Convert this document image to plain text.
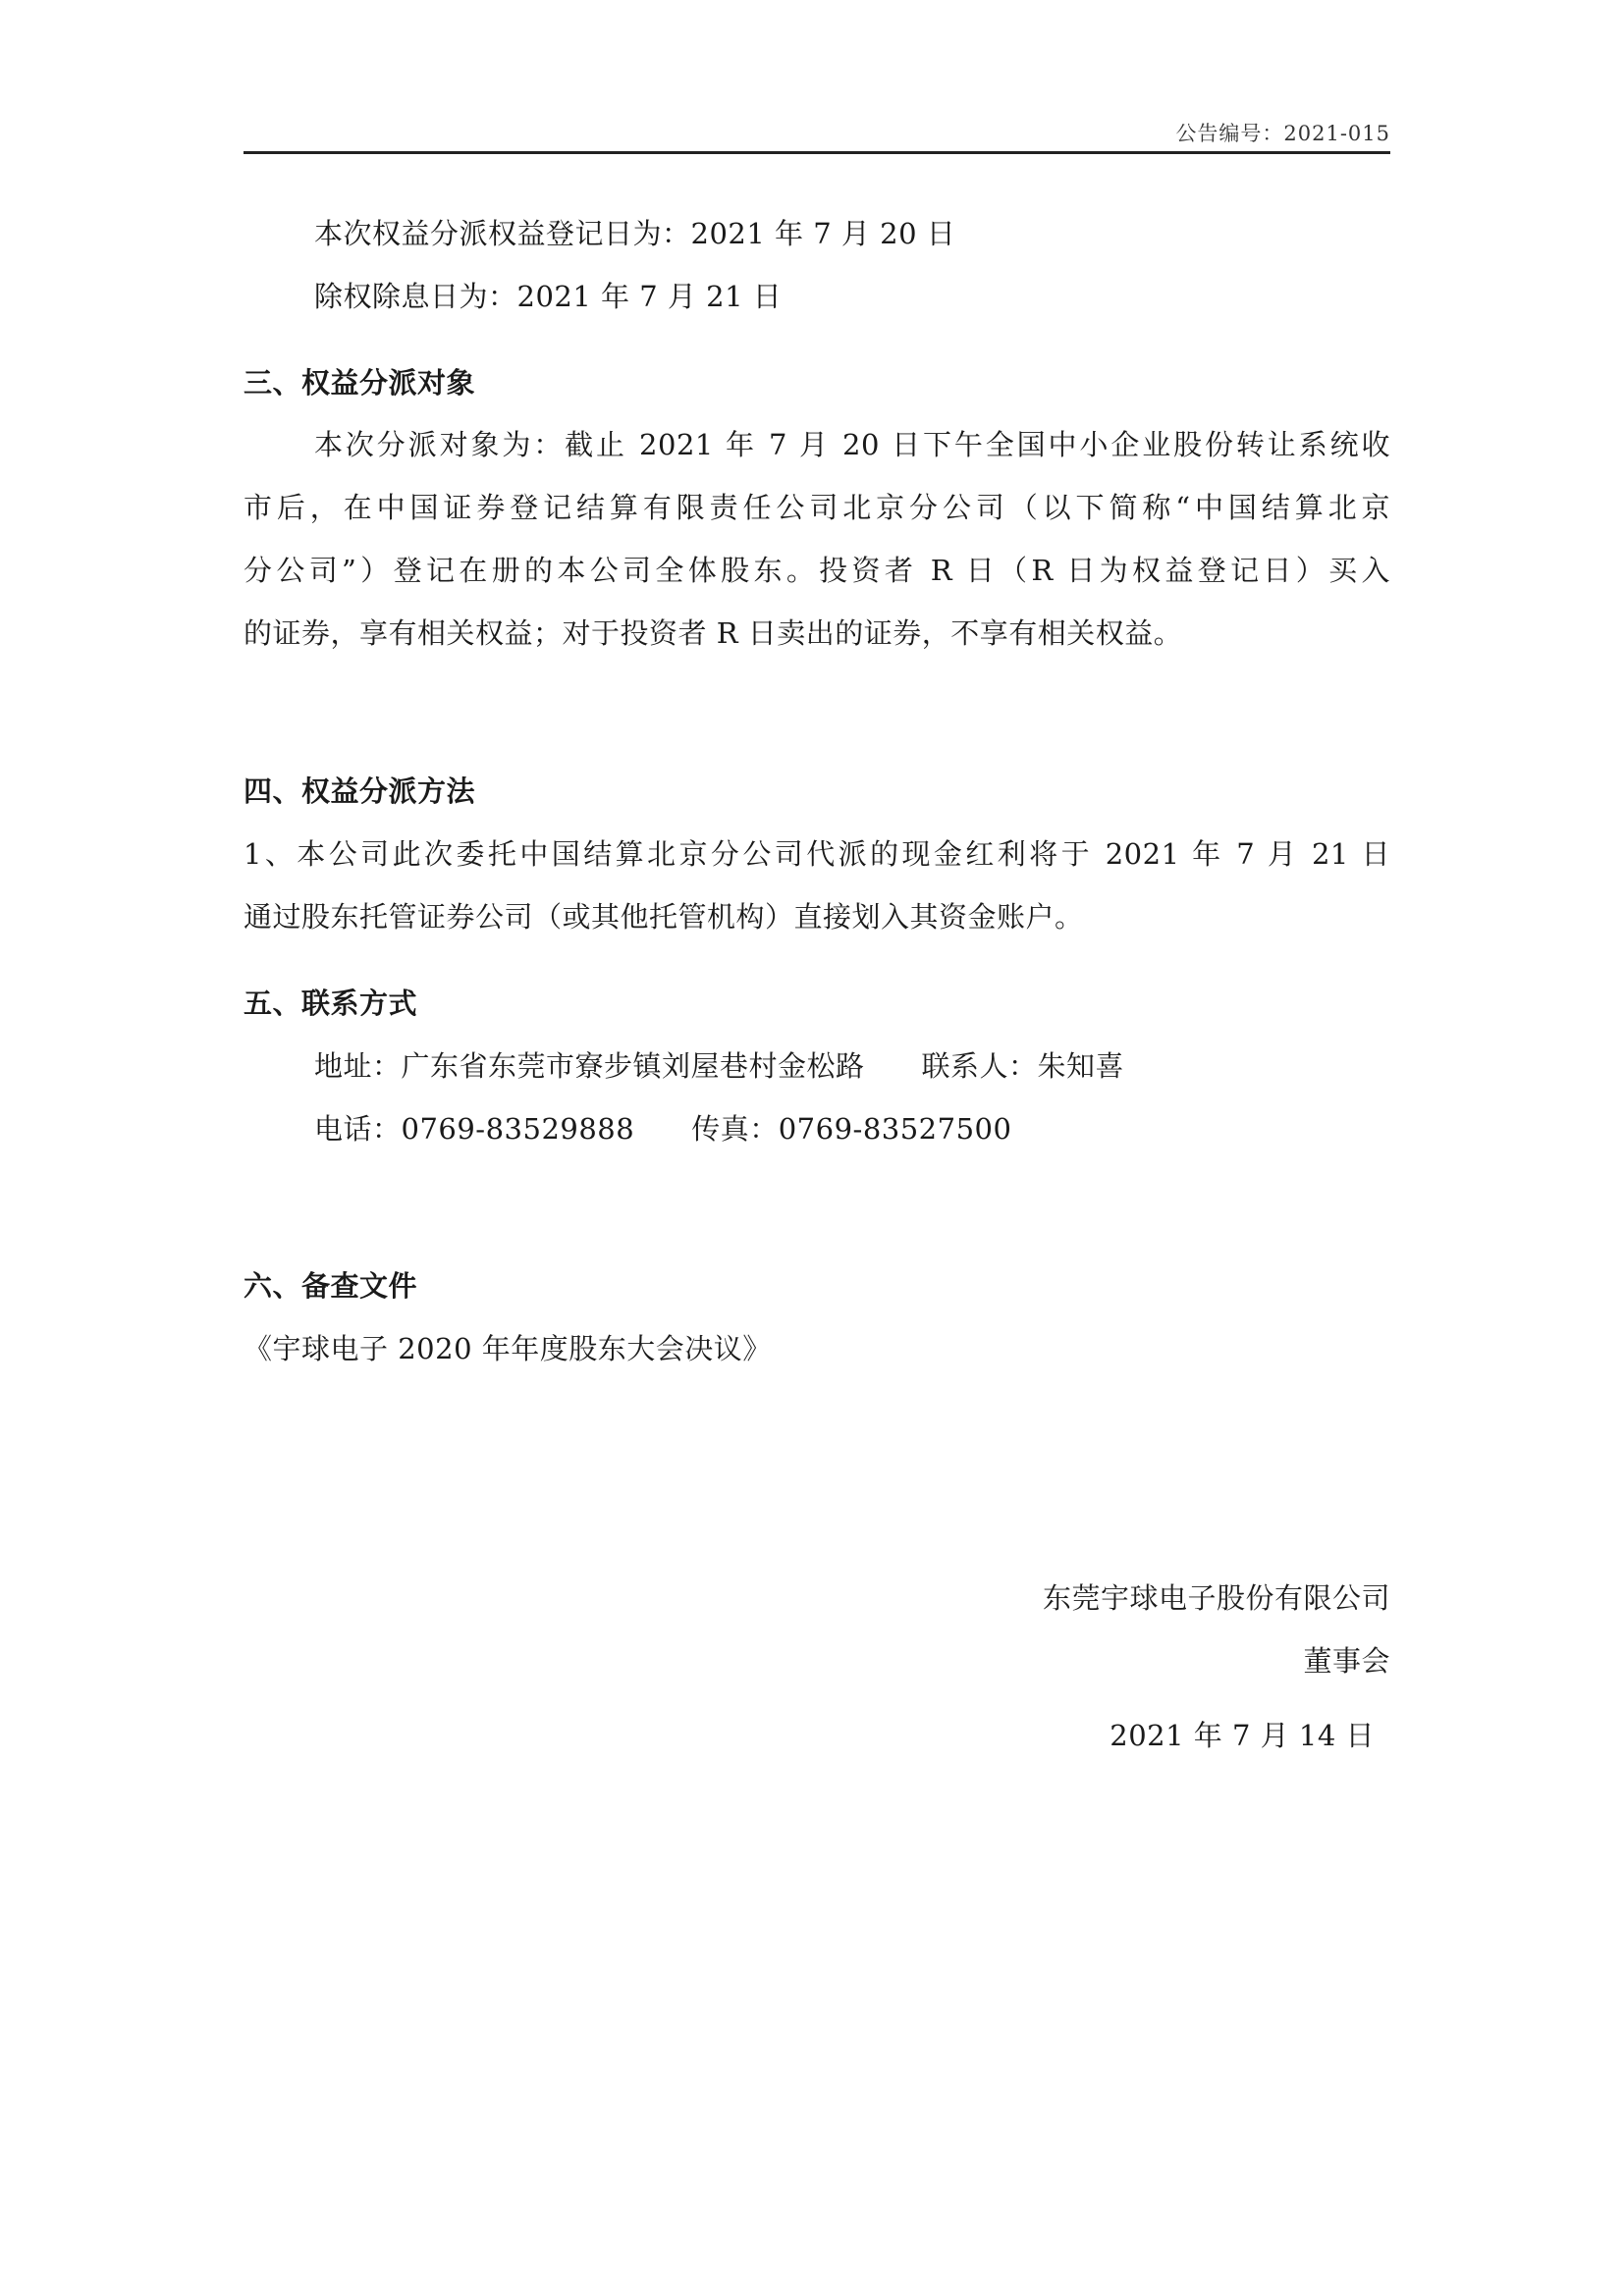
公告编号：2021-015
本次权益分派权益登记日为：2021 年 7 月 20 日
除权除息日为：2021 年 7 月 21 日
三、权益分派对象
本次分派对象为：截止 2021 年 7 月 20 日下午全国中小企业股份转让系统收
市后，在中国证券登记结算有限责任公司北京分公司（以下简称“中国结算北京
分公司”）登记在册的本公司全体股东。投资者 R 日（R 日为权益登记日）买入
的证券，享有相关权益；对于投资者 R 日卖出的证券，不享有相关权益。
四、权益分派方法
1、本公司此次委托中国结算北京分公司代派的现金红利将于 2021 年 7 月 21 日
通过股东托管证券公司（或其他托管机构）直接划入其资金账户。
五、联系方式
地址：广东省东莞市寮步镇刘屋巷村金松路 联系人：朱知喜
电话：0769-83529888 传真：0769-83527500
六、备查文件
《宇球电子 2020 年年度股东大会决议》
东莞宇球电子股份有限公司
董事会
2021 年 7 月 14 日
